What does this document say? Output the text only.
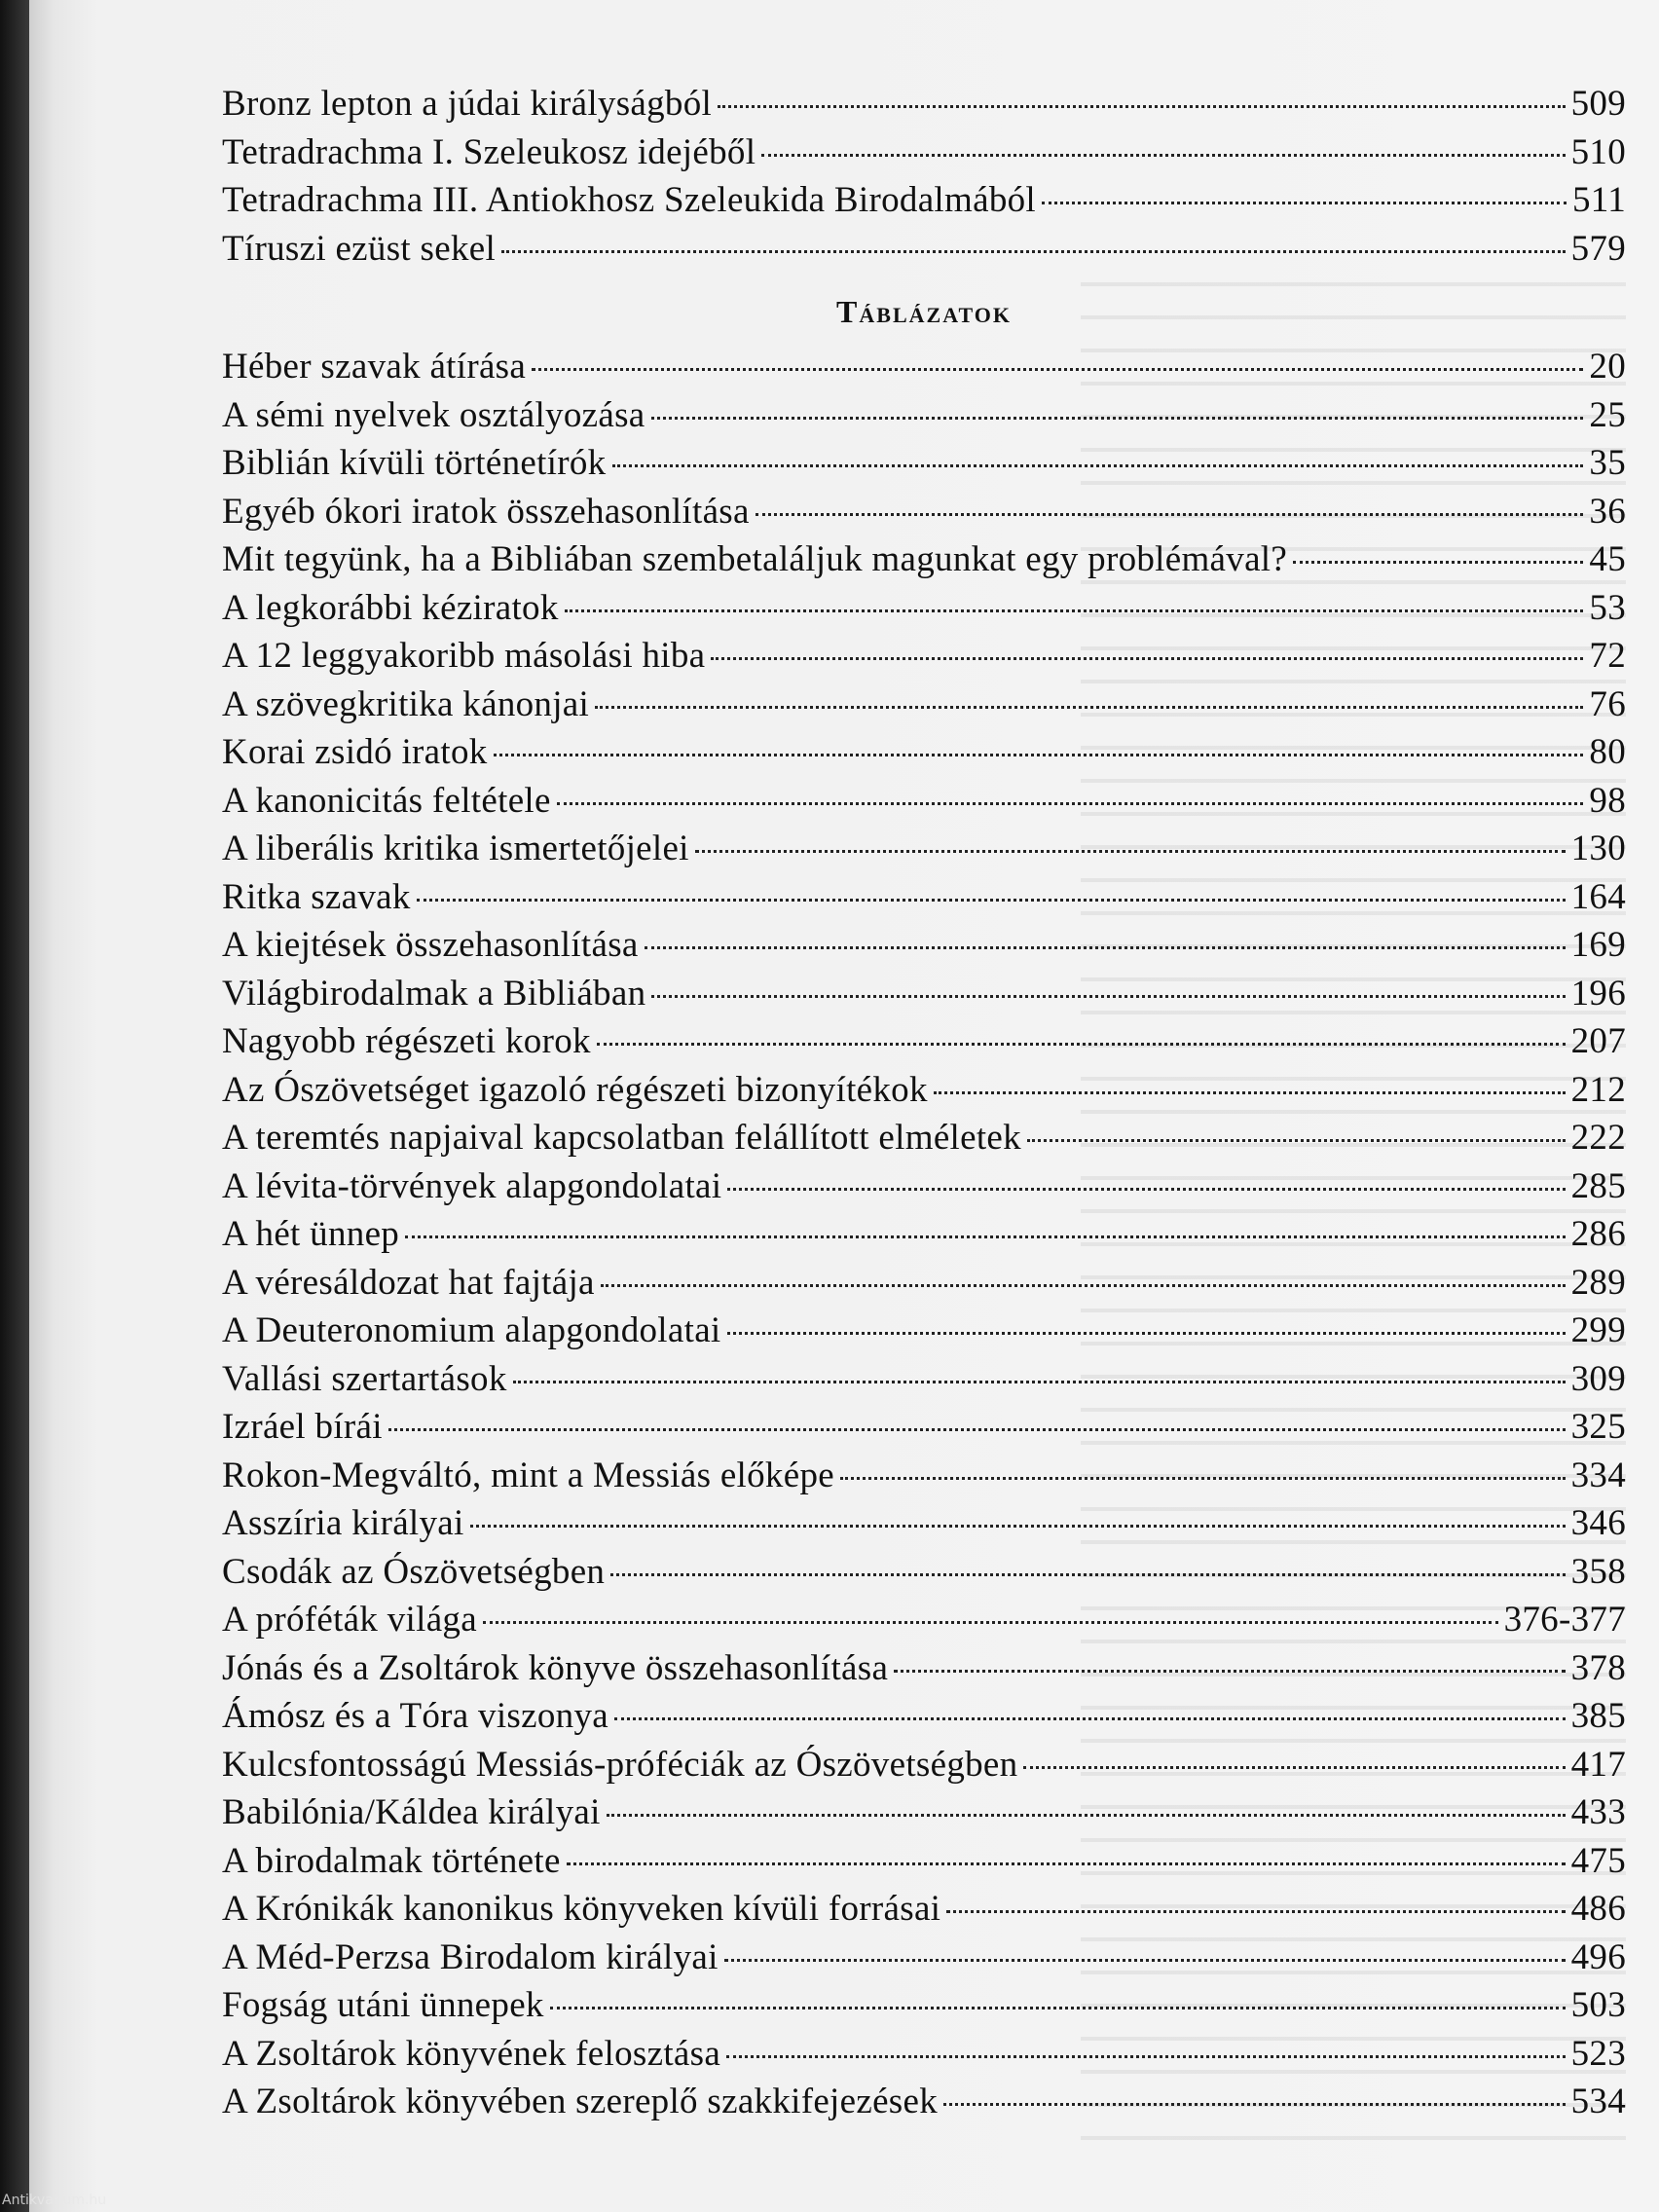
Bronz lepton a júdai királyságból	509
Tetradrachma I. Szeleukosz idejéből	510
Tetradrachma III. Antiokhosz Szeleukida Birodalmából	511
Tíruszi ezüst sekel	579
Táblázatok
Héber szavak átírása	20
A sémi nyelvek osztályozása	25
Biblián kívüli történetírók	35
Egyéb ókori iratok összehasonlítása	36
Mit tegyünk, ha a Bibliában szembetaláljuk magunkat egy problémával?	45
A legkorábbi kéziratok	53
A 12 leggyakoribb másolási hiba	72
A szövegkritika kánonjai	76
Korai zsidó iratok	80
A kanonicitás feltétele	98
A liberális kritika ismertetőjelei	130
Ritka szavak	164
A kiejtések összehasonlítása	169
Világbirodalmak a Bibliában	196
Nagyobb régészeti korok	207
Az Ószövetséget igazoló régészeti bizonyítékok	212
A teremtés napjaival kapcsolatban felállított elméletek	222
A lévita-törvények alapgondolatai	285
A hét ünnep	286
A véresáldozat hat fajtája	289
A Deuteronomium alapgondolatai	299
Vallási szertartások	309
Izráel bírái	325
Rokon-Megváltó, mint a Messiás előképe	334
Asszíria királyai	346
Csodák az Ószövetségben	358
A próféták világa	376-377
Jónás és a Zsoltárok könyve összehasonlítása	378
Ámósz és a Tóra viszonya	385
Kulcsfontosságú Messiás-próféciák az Ószövetségben	417
Babilónia/Káldea királyai	433
A birodalmak története	475
A Krónikák kanonikus könyveken kívüli forrásai	486
A Méd-Perzsa Birodalom királyai	496
Fogság utáni ünnepek	503
A Zsoltárok könyvének felosztása	523
A Zsoltárok könyvében szereplő szakkifejezések	534
Antikvarium.hu
